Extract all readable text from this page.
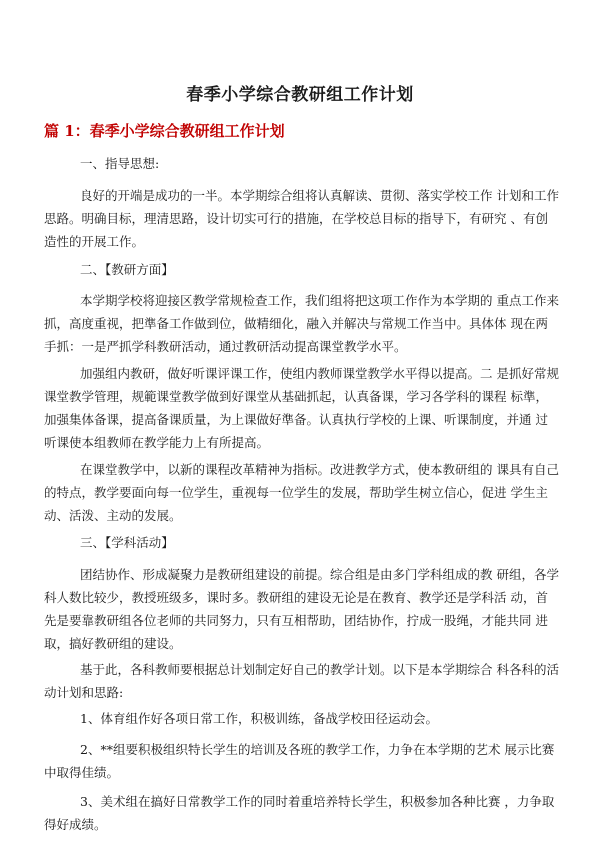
春季小学综合教研组工作计划
篇 1：春季小学综合教研组工作计划

一、指导思想:

良好的开端是成功的一半。本学期综合组将认真解读、贯彻、落实学校工作 计划和工作思路。明确目标，理清思路，设计切实可行的措施，在学校总目标的指导下，有研究 、有创造性的开展工作。

二、【教研方面】

本学期学校将迎接区教学常规检查工作，我们组将把这项工作作为本学期的 重点工作来抓，高度重视，把準备工作做到位，做精细化，融入并解决与常规工作当中。具体体 现在两手抓：一是严抓学科教研活动，通过教研活动提高课堂教学水平。

加强组内教研，做好听课评课工作，使组内教师课堂教学水平得以提高。二 是抓好常规课堂教学管理，规範课堂教学做到好课堂从基础抓起，认真备课，学习各学科的课程 标準，加强集体备课，提高备课质量，为上课做好準备。认真执行学校的上课、听课制度，并通 过听课使本组教师在教学能力上有所提高。

在课堂教学中，以新的课程改革精神为指标。改进教学方式，使本教研组的 课具有自己的特点，教学要面向每一位学生，重视每一位学生的发展，帮助学生树立信心，促进 学生主动、活泼、主动的发展。

三、【学科活动】

团结协作、形成凝聚力是教研组建设的前提。综合组是由多门学科组成的教 研组，各学科人数比较少，教授班级多，课时多。教研组的建设无论是在教育、教学还是学科活 动，首先是要靠教研组各位老师的共同努力，只有互相帮助，团结协作，拧成一股绳，才能共同 进取，搞好教研组的建设。

基于此，各科教师要根据总计划制定好自己的教学计划。以下是本学期综合 科各科的活动计划和思路:

1、体育组作好各项日常工作，积极训练，备战学校田径运动会。

2、**组要积极组织特长学生的培训及各班的教学工作，力争在本学期的艺术 展示比赛中取得佳绩。

3、美术组在搞好日常教学工作的同时着重培养特长学生，积极参加各种比赛 ，力争取得好成绩。
